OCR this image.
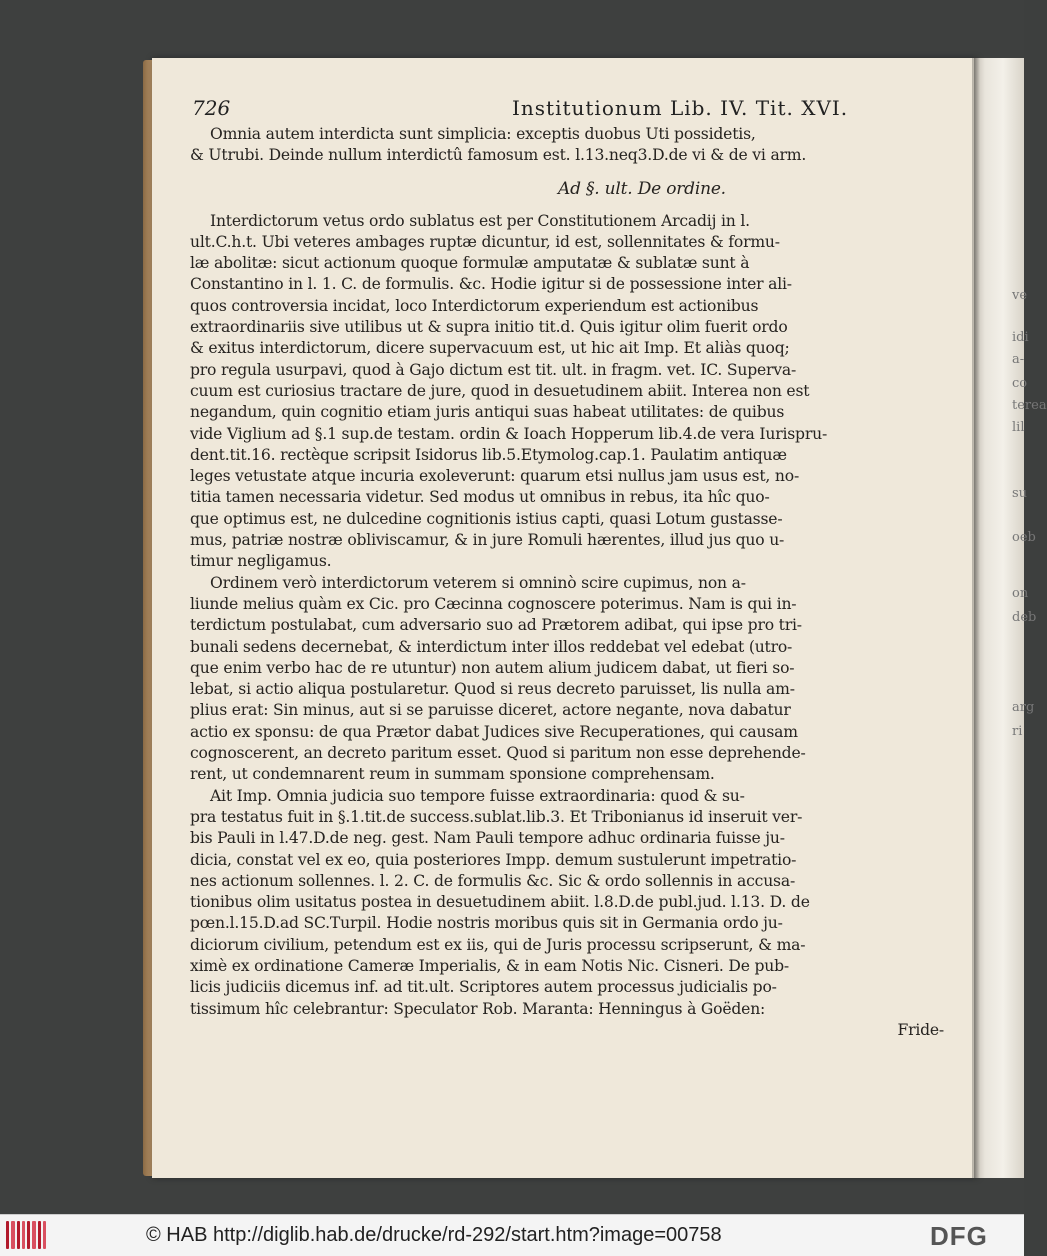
ve
idi
a-
co
terea
lil
su
oeb
on
deb
arg
ri
726	Institutionum Lib. IV. Tit. XVI.
Omnia autem interdicta sunt simplicia: exceptis duobus Uti possidetis,
& Utrubi. Deinde nullum interdictû famosum est. l.13.neq3.D.de vi & de vi arm.
Ad §. ult. De ordine.
Interdictorum vetus ordo sublatus est per Constitutionem Arcadij in l.
ult.C.h.t. Ubi veteres ambages ruptæ dicuntur, id est, sollennitates & formu-
læ abolitæ: sicut actionum quoque formulæ amputatæ & sublatæ sunt à
Constantino in l. 1. C. de formulis. &c. Hodie igitur si de possessione inter ali-
quos controversia incidat, loco Interdictorum experiendum est actionibus
extraordinariis sive utilibus ut & supra initio tit.d. Quis igitur olim fuerit ordo
& exitus interdictorum, dicere supervacuum est, ut hic ait Imp. Et aliàs quoq;
pro regula usurpavi, quod à Gajo dictum est tit. ult. in fragm. vet. IC. Superva-
cuum est curiosius tractare de jure, quod in desuetudinem abiit. Interea non est
negandum, quin cognitio etiam juris antiqui suas habeat utilitates: de quibus
vide Viglium ad §.1 sup.de testam. ordin & Ioach Hopperum lib.4.de vera Iurispru-
dent.tit.16. rectèque scripsit Isidorus lib.5.Etymolog.cap.1. Paulatim antiquæ
leges vetustate atque incuria exoleverunt: quarum etsi nullus jam usus est, no-
titia tamen necessaria videtur. Sed modus ut omnibus in rebus, ita hîc quo-
que optimus est, ne dulcedine cognitionis istius capti, quasi Lotum gustasse-
mus, patriæ nostræ obliviscamur, & in jure Romuli hærentes, illud jus quo u-
timur negligamus.
Ordinem verò interdictorum veterem si omninò scire cupimus, non a-
liunde melius quàm ex Cic. pro Cæcinna cognoscere poterimus. Nam is qui in-
terdictum postulabat, cum adversario suo ad Prætorem adibat, qui ipse pro tri-
bunali sedens decernebat, & interdictum inter illos reddebat vel edebat (utro-
que enim verbo hac de re utuntur) non autem alium judicem dabat, ut fieri so-
lebat, si actio aliqua postularetur. Quod si reus decreto paruisset, lis nulla am-
plius erat: Sin minus, aut si se paruisse diceret, actore negante, nova dabatur
actio ex sponsu: de qua Prætor dabat Judices sive Recuperationes, qui causam
cognoscerent, an decreto paritum esset. Quod si paritum non esse deprehende-
rent, ut condemnarent reum in summam sponsione comprehensam.
Ait Imp. Omnia judicia suo tempore fuisse extraordinaria: quod & su-
pra testatus fuit in §.1.tit.de success.sublat.lib.3. Et Tribonianus id inseruit ver-
bis Pauli in l.47.D.de neg. gest. Nam Pauli tempore adhuc ordinaria fuisse ju-
dicia, constat vel ex eo, quia posteriores Impp. demum sustulerunt impetratio-
nes actionum sollennes. l. 2. C. de formulis &c. Sic & ordo sollennis in accusa-
tionibus olim usitatus postea in desuetudinem abiit. l.8.D.de publ.jud. l.13. D. de
pœn.l.15.D.ad SC.Turpil. Hodie nostris moribus quis sit in Germania ordo ju-
diciorum civilium, petendum est ex iis, qui de Juris processu scripserunt, & ma-
ximè ex ordinatione Cameræ Imperialis, & in eam Notis Nic. Cisneri. De pub-
licis judiciis dicemus inf. ad tit.ult. Scriptores autem processus judicialis po-
tissimum hîc celebrantur: Speculator Rob. Maranta: Henningus à Goëden:
Fride-
© HAB http://diglib.hab.de/drucke/rd-292/start.htm?image=00758	DFG
